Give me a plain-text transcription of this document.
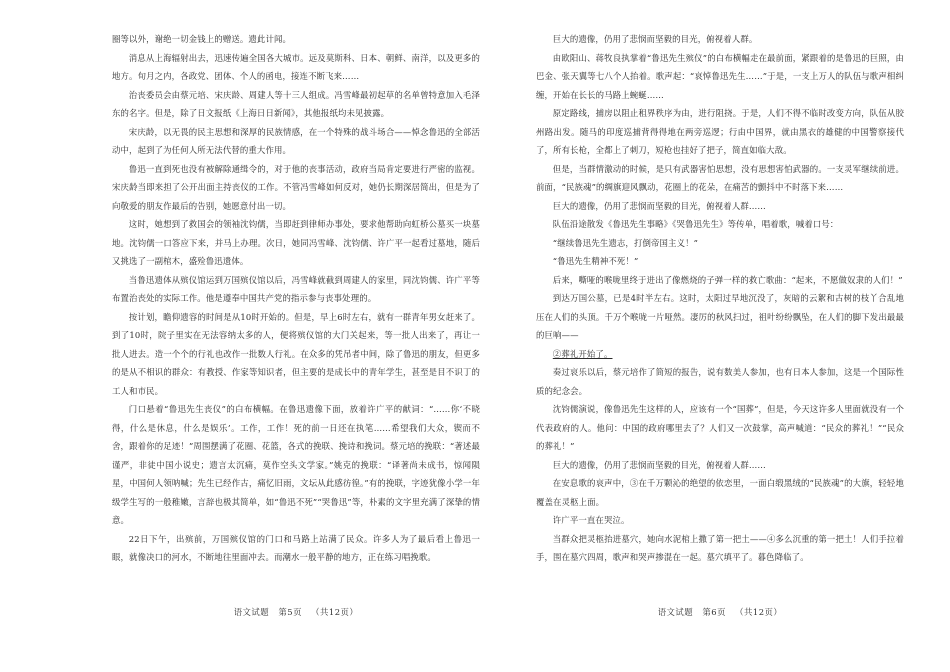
圈等以外，谢绝一切金钱上的赠送。遗此计闻。

消息从上海辐射出去，迅速传遍全国各大城市。远及莫斯科、日本、朝鲜、南洋，以及更多的地方。旬月之内，各政党、团体、个人的函电，接连不断飞来……

治丧委员会由蔡元培、宋庆龄、周建人等十三人组成。冯雪峰最初起草的名单曾特意加入毛泽东的名字。但是，除了日文报纸《上海日日新闻》，其他报纸均未见披露。

宋庆龄，以无畏的民主思想和深厚的民族情感，在一个特殊的战斗场合——悼念鲁迅的全部活动中，起到了为任何人所无法代替的重大作用。

鲁迅一直到死也没有被解除通缉令的，对于他的丧事活动，政府当局肯定要进行严密的监视。宋庆龄当即来担了公开出面主持丧仪的工作。不管冯雪峰如何反对，她仍长期深居简出，但是为了向敬爱的朋友作最后的告别，她愿意付出一切。

这时，她想到了救国会的领袖沈钧儒，当即赶到律师办事处，要求他帮助向虹桥公墓买一块墓地。沈钧儒一口答应下来，并马上办理。次日，她同冯雪峰、沈钧儒、许广平一起看过墓地，随后又挑选了一副棺木，盛殓鲁迅遗体。

当鲁迅遗体从殡仪馆运到万国殡仪馆以后，冯雪峰就截到周建人的家里，同沈钧儒、许广平等布置治丧处的实际工作。他是遵奉中国共产党的指示参与丧事处理的。

按计划，瞻仰遗容的时间是从10时开始的。但是，早上6时左右，就有一群青年男女赶来了。到了10时，院子里实在无法容纳太多的人，便将殡仪馆的大门关起来，等一批人出来了，再让一批人进去。造一个个的行礼也改作一批数人行礼。在众多的凭吊者中间，除了鲁迅的朋友，但更多的是从不相识的群众：有教授、作家等知识者，但主要的是成长中的青年学生，甚至是目不识丁的工人和市民。

门口悬着“鲁迅先生丧仪”的白布横幅。在鲁迅遗像下面，放着许广平的献词：“……你‘不晓得，什么是休息，什么是娱乐’。工作，工作！死的前一日还在执笔……希望我们大众，锲而不舍，跟着你的足迹！”周围摆满了花圈、花篮，各式的挽联、挽诗和挽词。蔡元培的挽联：“著述最谨严，非徒中国小说史；遗言太沉痛，莫作空头文学家。”姚克的挽联：“译著尚未成书，惊闻陨星，中国何人领呐喊；先生已经作古，痛忆旧雨，文坛从此感彷徨。”有的挽联，字迹犹像小学一年级学生写的一般稚嫩，言辞也极其简单，如“鲁迅不死”“哭鲁迅”等，朴素的文字里充满了深挚的情意。

22日下午，出殡前，万国殡仪馆的门口和马路上站满了民众。许多人为了最后看上鲁迅一眼，就像决口的河水，不断地往里面冲去。而潮水一般平静的地方，正在练习唱挽歌。

巨大的遗像，仍用了悲悯而坚毅的目光，俯视着人群。

由欧阳山、蒋牧良执掌着“鲁迅先生殡仪”的白布横幅走在最前面，紧跟着的是鲁迅的巨照，由巴金、张天翼等七八个人抬着。歌声起：“哀悼鲁迅先生……”于是，一支上万人的队伍与歌声相纠缠，开始在长长的马路上蜿蜒……

原定路线，捕房以阻止租界秩序为由，进行阻挠。于是，人们不得不临时改变方向，队伍从胶州路出发。随马的印度巡捕背得得地在两旁巡逻；行由中国界，就由黑衣的雄健的中国警察接代了，所有长枪，全都上了刺刀，短枪也挂好了把子，简直如临大敌。

但是，当群情激动的时候，是只有武器害怕思想，没有思想害怕武器的。一支灵军继续前进。前面，“民族魂”的绸旗迎风飘动，花圈上的花朵，在痛苦的颤抖中不时落下来……

巨大的遗像，仍用了悲悯而坚毅的目光，俯视着人群……

队伍沿途散发《鲁迅先生事略》《哭鲁迅先生》等传单，唱着歌，喊着口号：

“继续鲁迅先生遗志，打倒帝国主义！”

“鲁迅先生精神不死！”

后来，嘶哑的喉咙里终于进出了像燃烧的子弹一样的救亡歌曲：“起来，不愿做奴隶的人们！”

到达万国公墓，已是4时半左右。这时，太阳过早地沉没了，灰暗的云絮和古树的枝丫合乱地压在人们的头顶。千万个喉咙一片哑然。凄厉的秋风扫过，祖叶纷纷飘坠，在人们的脚下发出最最的巨响——

②葬礼开始了。

奏过哀乐以后，蔡元培作了简短的报告，说有数美人参加，也有日本人参加，这是一个国际性质的纪念会。

沈钧儒演说，像鲁迅先生这样的人，应该有一个“国葬”，但是，今天这许多人里面就没有一个代表政府的人。他问：中国的政府哪里去了？人们又一次鼓掌，高声喊道：“民众的葬礼！”“民众的葬礼！”

巨大的遗像，仍用了悲悯而坚毅的目光，俯视着人群……

在安息歌的哀声中，③在千万颗沁的绝望的依恋里，一面白缎黑绒的“民族魂”的大旗，轻轻地覆盖在灵柩上面。

许广平一直在哭泣。

当群众把灵柩抬进墓穴，她向水泥棺上撒了第一把土——④多么沉重的第一把土！人们手拉着手，围在墓穴四周，歌声和哭声掺混在一起。墓穴填平了。暮色降临了。

语文试题 第5页 （共12页）	语文试题 第6页 （共12页）
